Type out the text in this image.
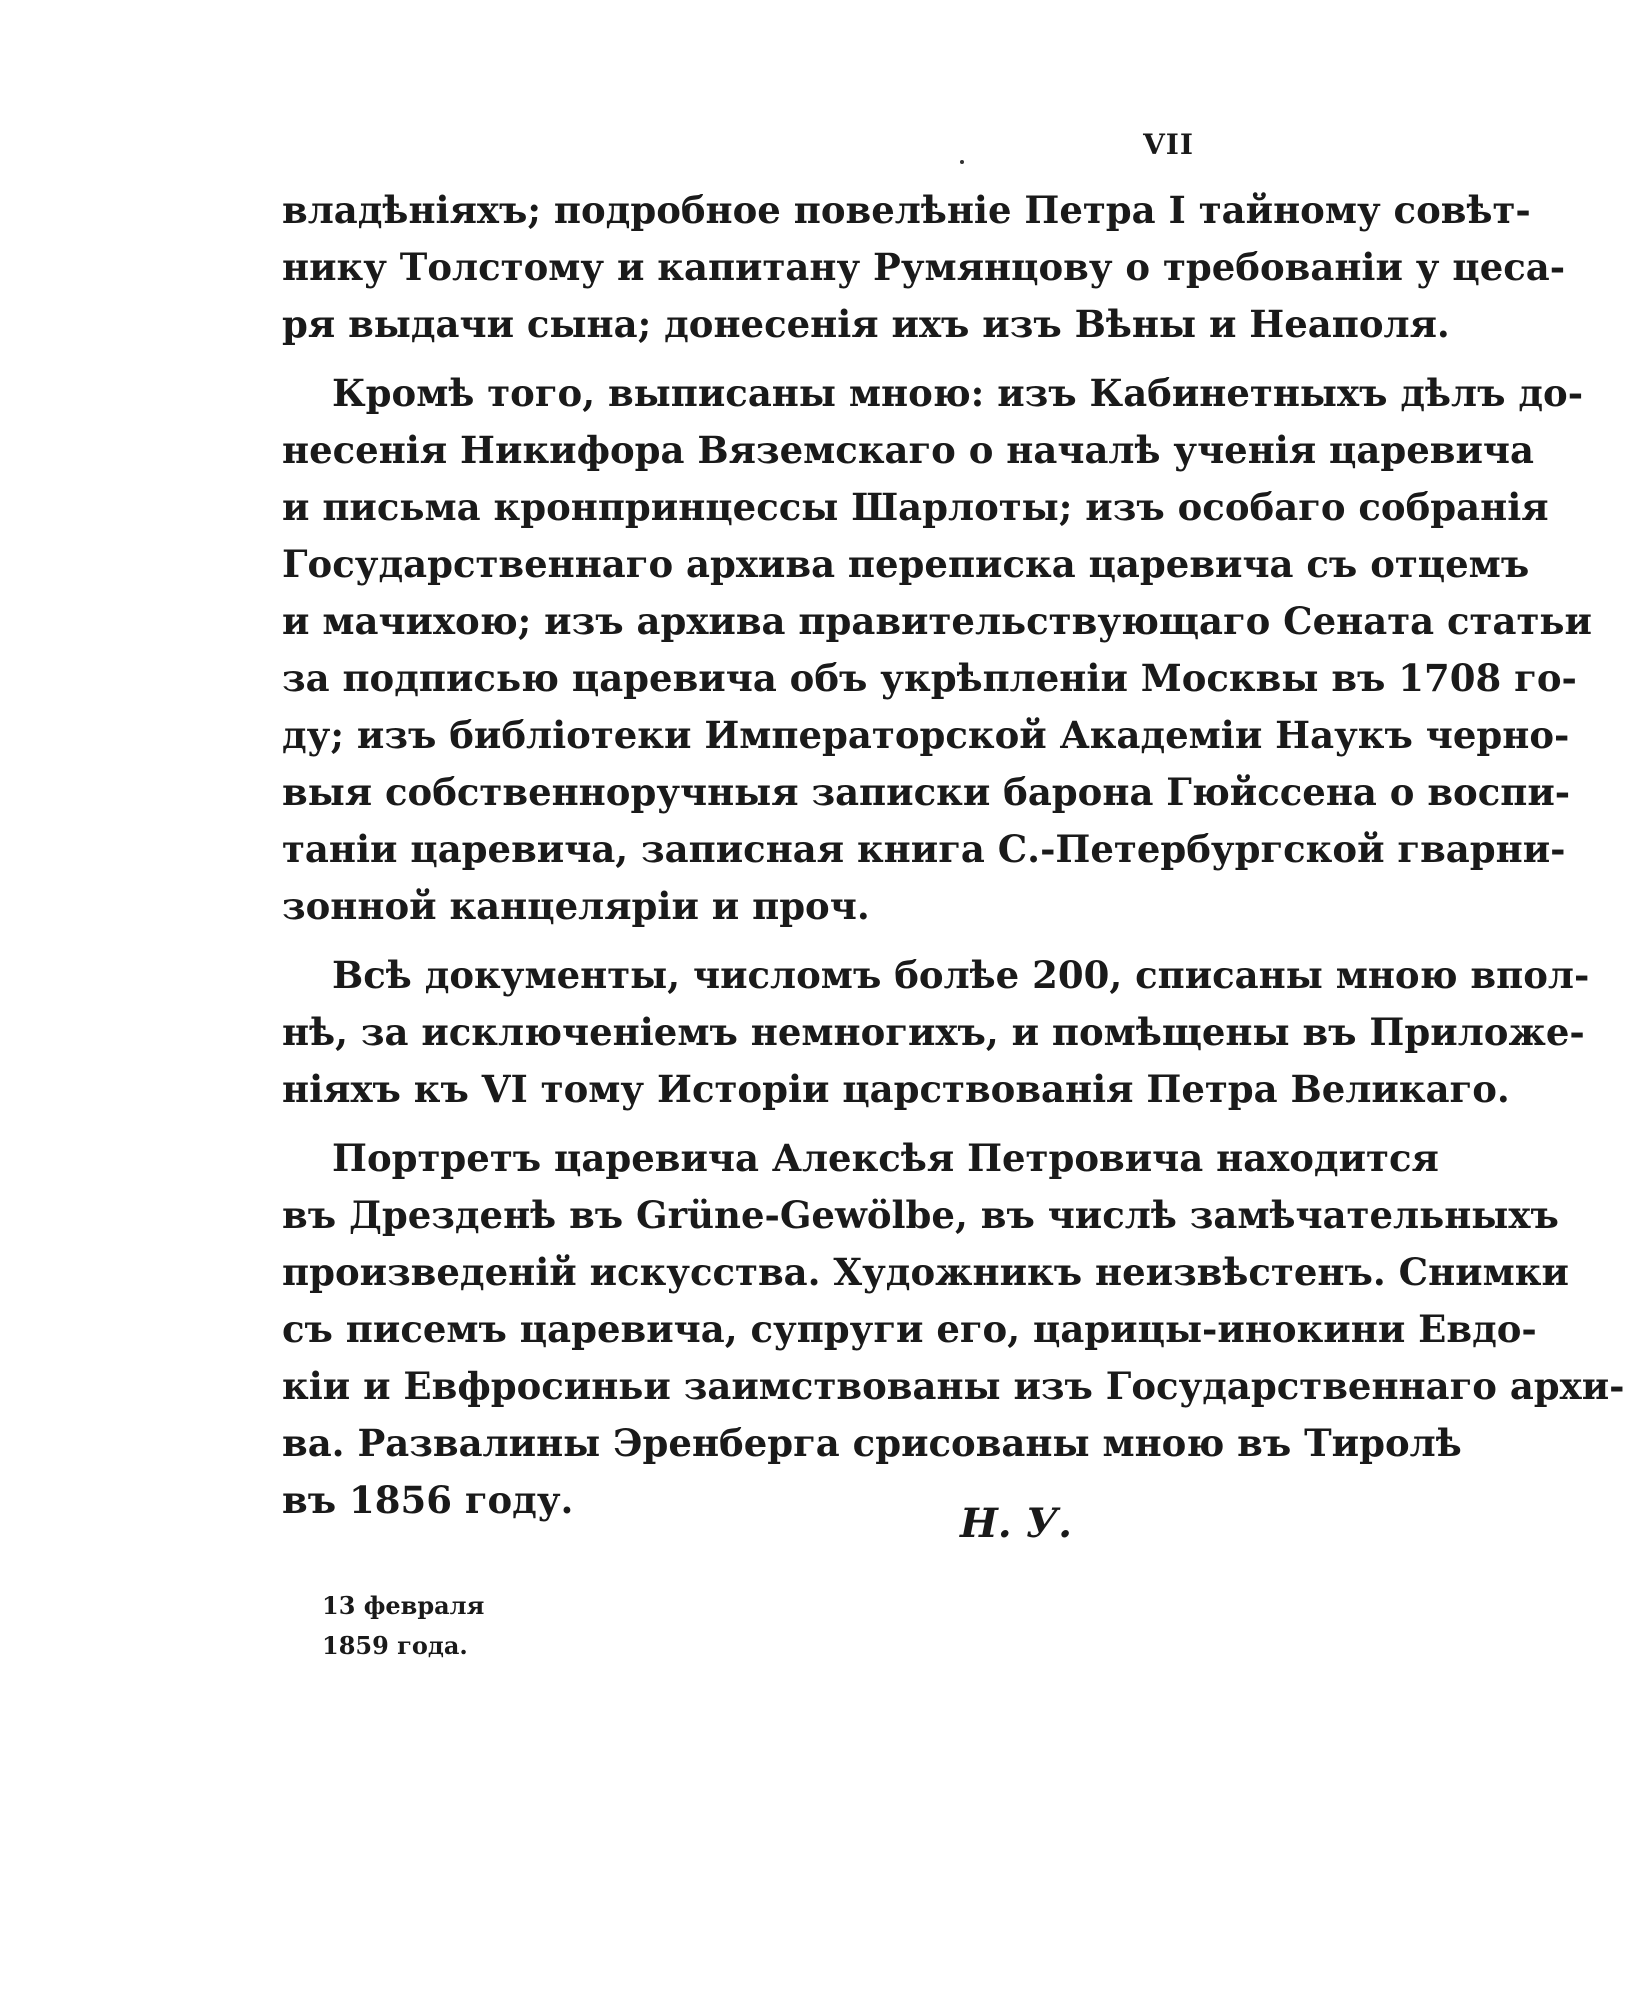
VII
владѣніяхъ; подробное повелѣніе Петра I тайному совѣт-
нику Толстому и капитану Румянцову о требованіи у цеса-
ря выдачи сына; донесенія ихъ изъ Вѣны и Неаполя.
Кромѣ того, выписаны мною: изъ Кабинетныхъ дѣлъ до-
несенія Никифора Вяземскаго о началѣ ученія царевича
и письма кронпринцессы Шарлоты; изъ особаго собранія
Государственнаго архива переписка царевича съ отцемъ
и мачихою; изъ архива правительствующаго Сената статьи
за подписью царевича объ укрѣпленіи Москвы въ 1708 го-
ду; изъ библіотеки Императорской Академіи Наукъ черно-
выя собственноручныя записки барона Гюйссена о воспи-
таніи царевича, записная книга С.-Петербургской гварни-
зонной канцеляріи и проч.
Всѣ документы, числомъ болѣе 200, списаны мною впол-
нѣ, за исключеніемъ немногихъ, и помѣщены въ Приложе-
ніяхъ къ VI тому Исторіи царствованія Петра Великаго.
Портретъ царевича Алексѣя Петровича находится
въ Дрезденѣ въ Grüne-Gewölbe, въ числѣ замѣчательныхъ
произведеній искусства. Художникъ неизвѣстенъ. Снимки
съ писемъ царевича, супруги его, царицы-инокини Евдо-
кіи и Евфросиньи заимствованы изъ Государственнаго архи-
ва. Развалины Эренберга срисованы мною въ Тиролѣ
въ 1856 году.	Н. У.
13 февраля
1859 года.
